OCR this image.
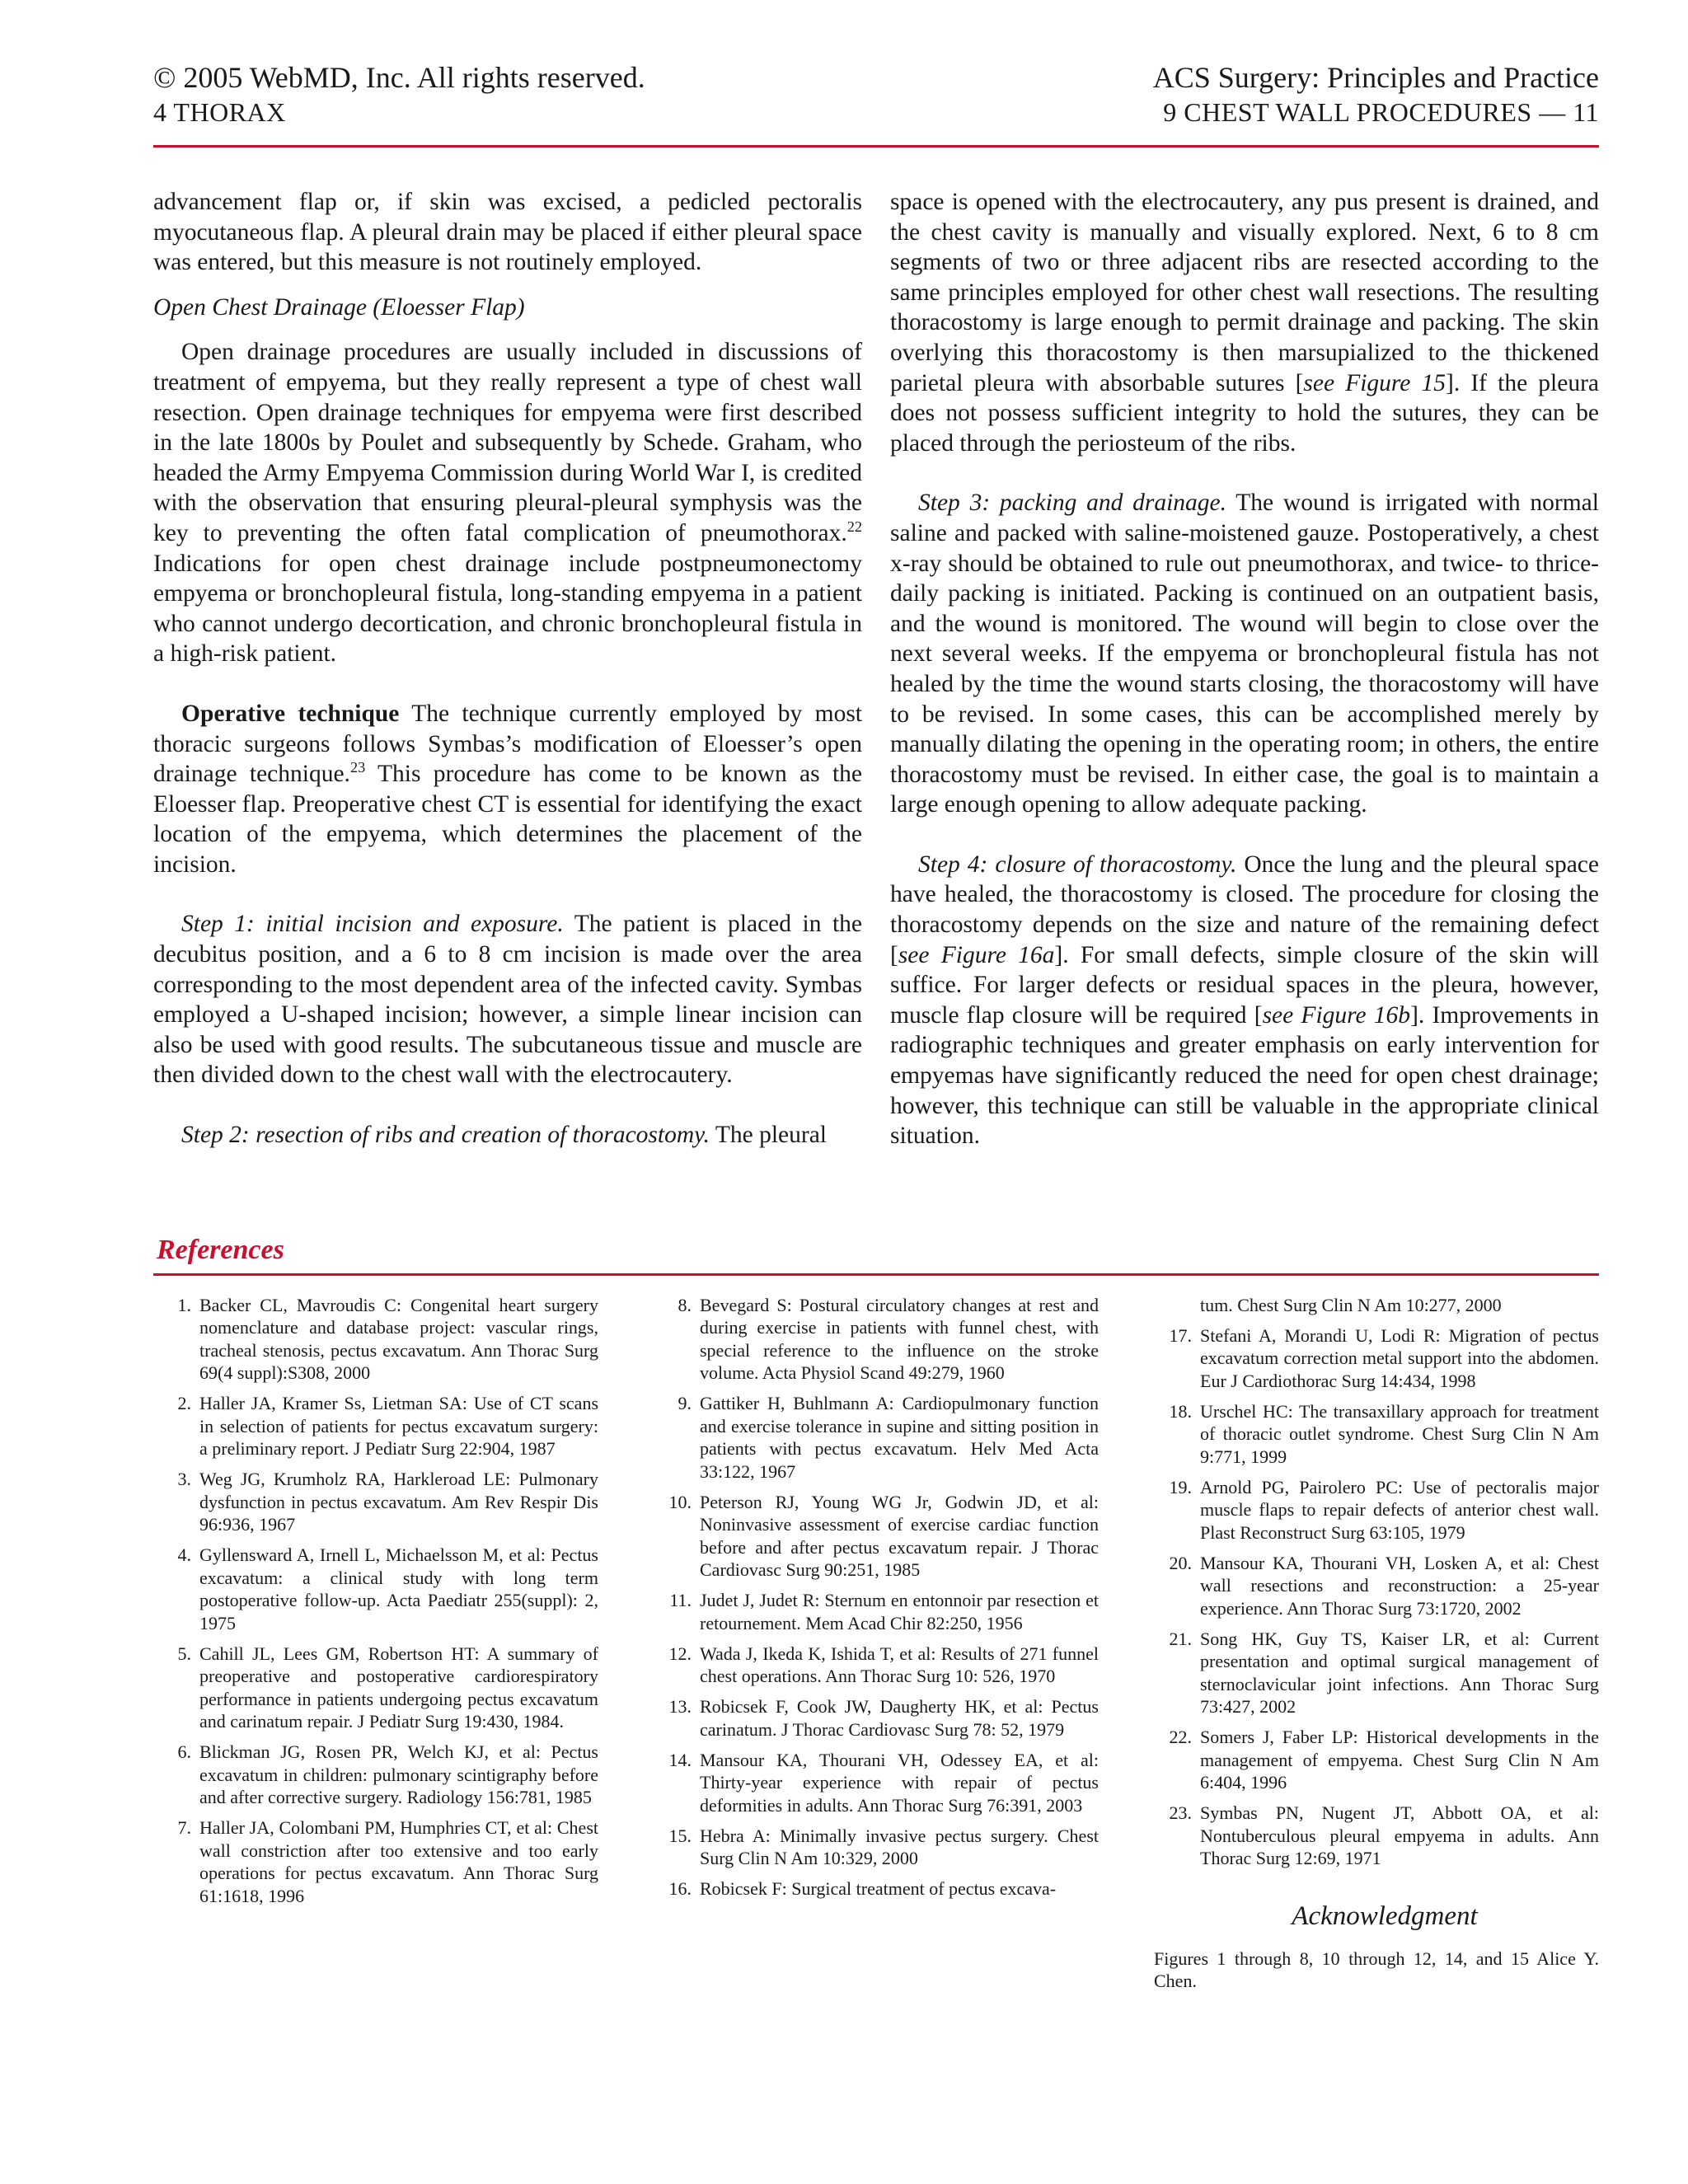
© 2005 WebMD, Inc. All rights reserved.
4 THORAX
ACS Surgery: Principles and Practice
9 CHEST WALL PROCEDURES — 11

advancement flap or, if skin was excised, a pedicled pectoralis myocutaneous flap. A pleural drain may be placed if either pleural space was entered, but this measure is not routinely employed.

Open Chest Drainage (Eloesser Flap)

Open drainage procedures are usually included in discussions of treatment of empyema, but they really represent a type of chest wall resection. Open drainage techniques for empyema were first described in the late 1800s by Poulet and subsequently by Schede. Graham, who headed the Army Empyema Commission during World War I, is credited with the observation that ensuring pleural-pleural symphysis was the key to preventing the often fatal complication of pneumothorax.$^{22}$ Indications for open chest drainage include postpneumonectomy empyema or bronchopleural fistula, long-standing empyema in a patient who cannot undergo decortication, and chronic bronchopleural fistula in a high-risk patient.

Operative technique The technique currently employed by most thoracic surgeons follows Symbas’s modification of Eloesser’s open drainage technique.$^{23}$ This procedure has come to be known as the Eloesser flap. Preoperative chest CT is essential for identifying the exact location of the empyema, which determines the placement of the incision.

Step 1: initial incision and exposure. The patient is placed in the decubitus position, and a 6 to 8 cm incision is made over the area corresponding to the most dependent area of the infected cavity. Symbas employed a U-shaped incision; however, a simple linear incision can also be used with good results. The subcutaneous tissue and muscle are then divided down to the chest wall with the electrocautery.

Step 2: resection of ribs and creation of thoracostomy. The pleural

space is opened with the electrocautery, any pus present is drained, and the chest cavity is manually and visually explored. Next, 6 to 8 cm segments of two or three adjacent ribs are resected according to the same principles employed for other chest wall resections. The resulting thoracostomy is large enough to permit drainage and packing. The skin overlying this thoracostomy is then marsupialized to the thickened parietal pleura with absorbable sutures [see Figure 15]. If the pleura does not possess sufficient integrity to hold the sutures, they can be placed through the periosteum of the ribs.

Step 3: packing and drainage. The wound is irrigated with normal saline and packed with saline-moistened gauze. Postoperatively, a chest x-ray should be obtained to rule out pneumothorax, and twice- to thrice-daily packing is initiated. Packing is continued on an outpatient basis, and the wound is monitored. The wound will begin to close over the next several weeks. If the empyema or bronchopleural fistula has not healed by the time the wound starts closing, the thoracostomy will have to be revised. In some cases, this can be accomplished merely by manually dilating the opening in the operating room; in others, the entire thoracostomy must be revised. In either case, the goal is to maintain a large enough opening to allow adequate packing.

Step 4: closure of thoracostomy. Once the lung and the pleural space have healed, the thoracostomy is closed. The procedure for closing the thoracostomy depends on the size and nature of the remaining defect [see Figure 16a]. For small defects, simple closure of the skin will suffice. For larger defects or residual spaces in the pleura, however, muscle flap closure will be required [see Figure 16b]. Improvements in radiographic techniques and greater emphasis on early intervention for empyemas have significantly reduced the need for open chest drainage; however, this technique can still be valuable in the appropriate clinical situation.

References
1. Backer CL, Mavroudis C: Congenital heart surgery nomenclature and database project: vascular rings, tracheal stenosis, pectus excavatum. Ann Thorac Surg 69(4 suppl):S308, 2000
2. Haller JA, Kramer Ss, Lietman SA: Use of CT scans in selection of patients for pectus excavatum surgery: a preliminary report. J Pediatr Surg 22:904, 1987
3. Weg JG, Krumholz RA, Harkleroad LE: Pulmonary dysfunction in pectus excavatum. Am Rev Respir Dis 96:936, 1967
4. Gyllensward A, Irnell L, Michaelsson M, et al: Pectus excavatum: a clinical study with long term postoperative follow-up. Acta Paediatr 255(suppl): 2, 1975
5. Cahill JL, Lees GM, Robertson HT: A summary of preoperative and postoperative cardiorespiratory performance in patients undergoing pectus excavatum and carinatum repair. J Pediatr Surg 19:430, 1984.
6. Blickman JG, Rosen PR, Welch KJ, et al: Pectus excavatum in children: pulmonary scintigraphy before and after corrective surgery. Radiology 156:781, 1985
7. Haller JA, Colombani PM, Humphries CT, et al: Chest wall constriction after too extensive and too early operations for pectus excavatum. Ann Thorac Surg 61:1618, 1996
8. Bevegard S: Postural circulatory changes at rest and during exercise in patients with funnel chest, with special reference to the influence on the stroke volume. Acta Physiol Scand 49:279, 1960
9. Gattiker H, Buhlmann A: Cardiopulmonary function and exercise tolerance in supine and sitting position in patients with pectus excavatum. Helv Med Acta 33:122, 1967
10. Peterson RJ, Young WG Jr, Godwin JD, et al: Noninvasive assessment of exercise cardiac function before and after pectus excavatum repair. J Thorac Cardiovasc Surg 90:251, 1985
11. Judet J, Judet R: Sternum en entonnoir par resection et retournement. Mem Acad Chir 82:250, 1956
12. Wada J, Ikeda K, Ishida T, et al: Results of 271 funnel chest operations. Ann Thorac Surg 10: 526, 1970
13. Robicsek F, Cook JW, Daugherty HK, et al: Pectus carinatum. J Thorac Cardiovasc Surg 78: 52, 1979
14. Mansour KA, Thourani VH, Odessey EA, et al: Thirty-year experience with repair of pectus deformities in adults. Ann Thorac Surg 76:391, 2003
15. Hebra A: Minimally invasive pectus surgery. Chest Surg Clin N Am 10:329, 2000
16. Robicsek F: Surgical treatment of pectus excava-
tum. Chest Surg Clin N Am 10:277, 2000
17. Stefani A, Morandi U, Lodi R: Migration of pectus excavatum correction metal support into the abdomen. Eur J Cardiothorac Surg 14:434, 1998
18. Urschel HC: The transaxillary approach for treatment of thoracic outlet syndrome. Chest Surg Clin N Am 9:771, 1999
19. Arnold PG, Pairolero PC: Use of pectoralis major muscle flaps to repair defects of anterior chest wall. Plast Reconstruct Surg 63:105, 1979
20. Mansour KA, Thourani VH, Losken A, et al: Chest wall resections and reconstruction: a 25-year experience. Ann Thorac Surg 73:1720, 2002
21. Song HK, Guy TS, Kaiser LR, et al: Current presentation and optimal surgical management of sternoclavicular joint infections. Ann Thorac Surg 73:427, 2002
22. Somers J, Faber LP: Historical developments in the management of empyema. Chest Surg Clin N Am 6:404, 1996
23. Symbas PN, Nugent JT, Abbott OA, et al: Nontuberculous pleural empyema in adults. Ann Thorac Surg 12:69, 1971
Acknowledgment
Figures 1 through 8, 10 through 12, 14, and 15 Alice Y. Chen.
